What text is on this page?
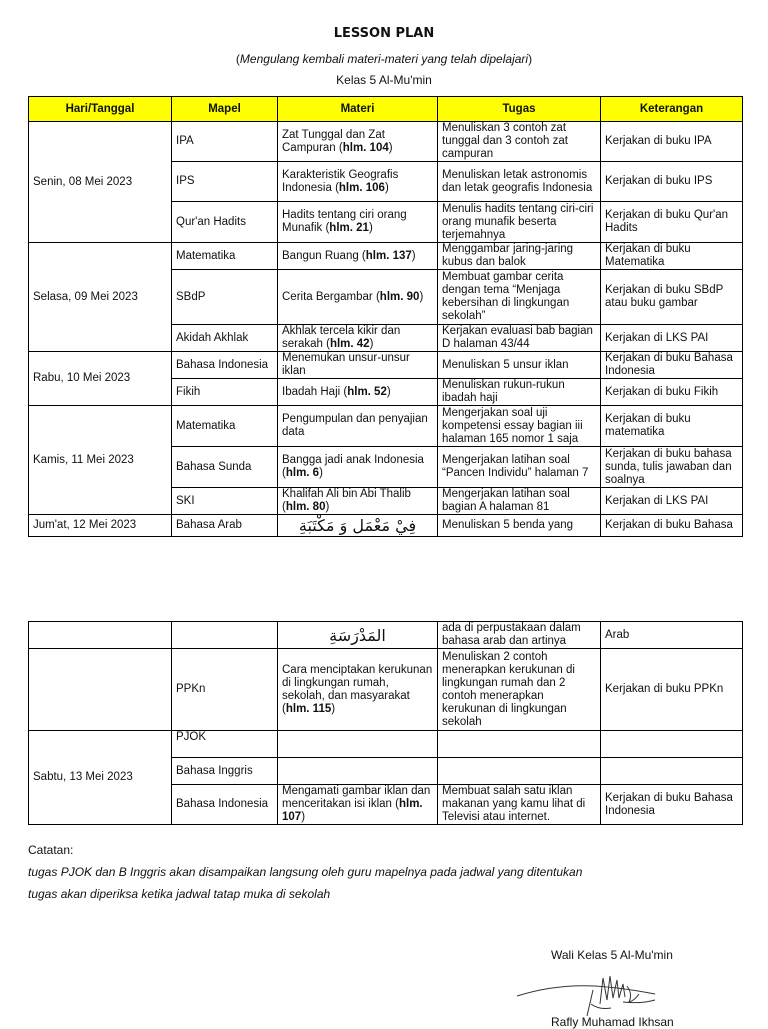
LESSON PLAN
(Mengulang kembali materi-materi yang telah dipelajari)
Kelas 5 Al-Mu'min
Hari/Tanggal	Mapel	Materi	Tugas	Keterangan
Senin, 08 Mei 2023	IPA	Zat Tunggal dan Zat Campuran (hlm. 104)	Menuliskan 3 contoh zat tunggal dan 3 contoh zat campuran	Kerjakan di buku IPA
	IPS	Karakteristik Geografis Indonesia (hlm. 106)	Menuliskan letak astronomis dan letak geografis Indonesia	Kerjakan di buku IPS
	Qur'an Hadits	Hadits tentang ciri orang Munafik (hlm. 21)	Menulis hadits tentang ciri-ciri orang munafik beserta terjemahnya	Kerjakan di buku Qur'an Hadits
Selasa, 09 Mei 2023	Matematika	Bangun Ruang (hlm. 137)	Menggambar jaring-jaring kubus dan balok	Kerjakan di buku Matematika
	SBdP	Cerita Bergambar (hlm. 90)	Membuat gambar cerita dengan tema “Menjaga kebersihan di lingkungan sekolah”	Kerjakan di buku SBdP atau buku gambar
	Akidah Akhlak	Akhlak tercela kikir dan serakah (hlm. 42)	Kerjakan evaluasi bab bagian D halaman 43/44	Kerjakan di LKS PAI
Rabu, 10 Mei 2023	Bahasa Indonesia	Menemukan unsur-unsur iklan	Menuliskan 5 unsur iklan	Kerjakan di buku Bahasa Indonesia
	Fikih	Ibadah Haji (hlm. 52)	Menuliskan rukun-rukun ibadah haji	Kerjakan di buku Fikih
Kamis, 11 Mei 2023	Matematika	Pengumpulan dan penyajian data	Mengerjakan soal uji kompetensi essay bagian iii halaman 165 nomor 1 saja	Kerjakan di buku matematika
	Bahasa Sunda	Bangga jadi anak Indonesia (hlm. 6)	Mengerjakan latihan soal “Pancen Individu” halaman 7	Kerjakan di buku bahasa sunda, tulis jawaban dan soalnya
	SKI	Khalifah Ali bin Abi Thalib (hlm. 80)	Mengerjakan latihan soal bagian A halaman 81	Kerjakan di LKS PAI
Jum'at, 12 Mei 2023	Bahasa Arab	فِيْ مَعْمَل وَ مَكْتَبَةِ	Menuliskan 5 benda yang	Kerjakan di buku Bahasa
		المَدْرَسَةِ	ada di perpustakaan dalam bahasa arab dan artinya	Arab
	PPKn	Cara menciptakan kerukunan di lingkungan rumah, sekolah, dan masyarakat (hlm. 115)	Menuliskan 2 contoh menerapkan kerukunan di lingkungan rumah dan 2 contoh menerapkan kerukunan di lingkungan sekolah	Kerjakan di buku PPKn
Sabtu, 13 Mei 2023	PJOK			
	Bahasa Inggris			
	Bahasa Indonesia	Mengamati gambar iklan dan menceritakan isi iklan (hlm. 107)	Membuat salah satu iklan makanan yang kamu lihat di Televisi atau internet.	Kerjakan di buku Bahasa Indonesia
Catatan:
tugas PJOK dan B Inggris akan disampaikan langsung oleh guru mapelnya pada jadwal yang ditentukan
tugas akan diperiksa ketika jadwal tatap muka di sekolah
Wali Kelas 5 Al-Mu'min
Rafly Muhamad Ikhsan
